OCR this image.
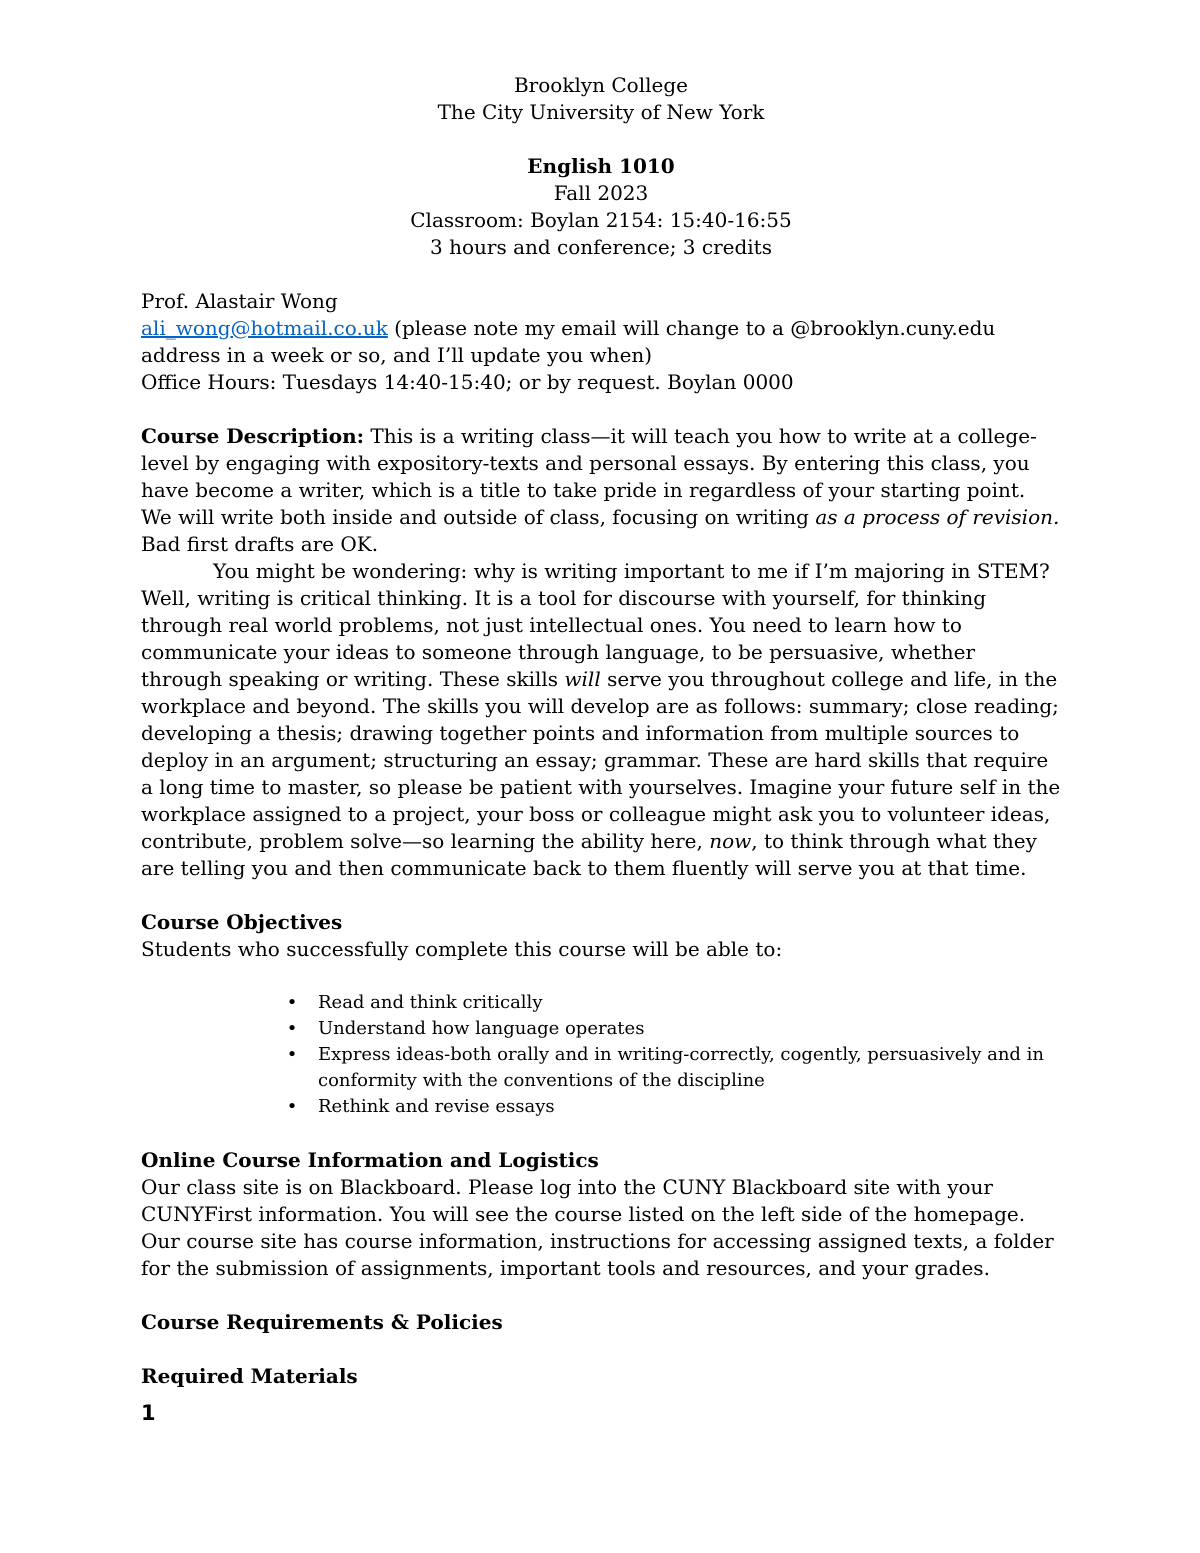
Brooklyn College

The City University of New York

English 1010

Fall 2023

Classroom: Boylan 2154: 15:40-16:55

3 hours and conference; 3 credits

Prof. Alastair Wong

ali_wong@hotmail.co.uk (please note my email will change to a @brooklyn.cuny.edu address in a week or so, and I’ll update you when)

Office Hours: Tuesdays 14:40-15:40; or by request. Boylan 0000

Course Description: This is a writing class—it will teach you how to write at a college-level by engaging with expository-texts and personal essays. By entering this class, you have become a writer, which is a title to take pride in regardless of your starting point. We will write both inside and outside of class, focusing on writing as a process of revision. Bad first drafts are OK.

You might be wondering: why is writing important to me if I’m majoring in STEM? Well, writing is critical thinking. It is a tool for discourse with yourself, for thinking through real world problems, not just intellectual ones. You need to learn how to communicate your ideas to someone through language, to be persuasive, whether through speaking or writing. These skills will serve you throughout college and life, in the workplace and beyond. The skills you will develop are as follows: summary; close reading; developing a thesis; drawing together points and information from multiple sources to deploy in an argument; structuring an essay; grammar. These are hard skills that require a long time to master, so please be patient with yourselves. Imagine your future self in the workplace assigned to a project, your boss or colleague might ask you to volunteer ideas, contribute, problem solve—so learning the ability here, now, to think through what they are telling you and then communicate back to them fluently will serve you at that time.

Course Objectives

Students who successfully complete this course will be able to:

• Read and think critically
• Understand how language operates
• Express ideas-both orally and in writing-correctly, cogently, persuasively and in conformity with the conventions of the discipline
• Rethink and revise essays

Online Course Information and Logistics

Our class site is on Blackboard. Please log into the CUNY Blackboard site with your CUNYFirst information. You will see the course listed on the left side of the homepage. Our course site has course information, instructions for accessing assigned texts, a folder for the submission of assignments, important tools and resources, and your grades.

Course Requirements & Policies

Required Materials

1
